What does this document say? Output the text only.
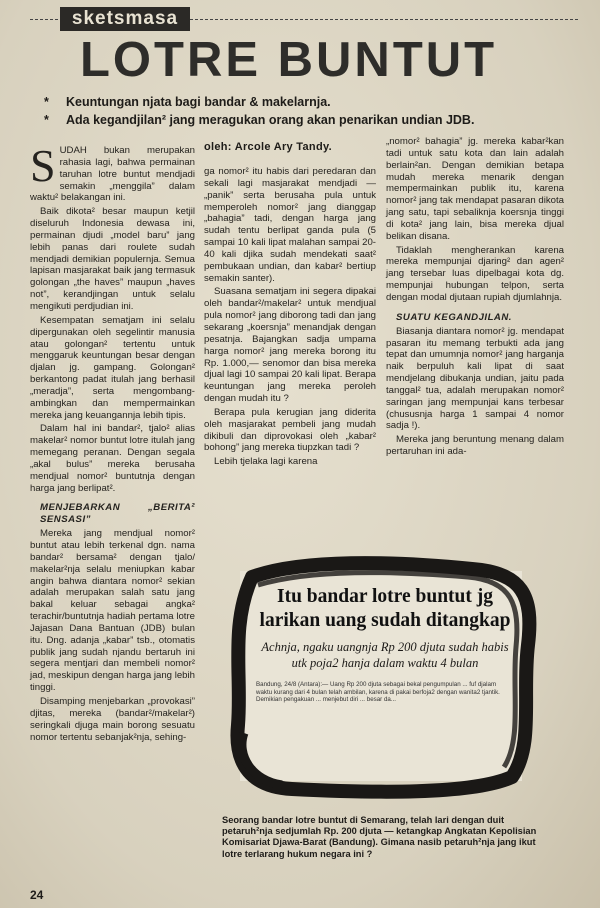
sketsmasa
LOTRE BUNTUT
* Keuntungan njata bagi bandar & makelarnja.
* Ada kegandjilan² jang meragukan orang akan penarikan undian JDB.
oleh: Arcole Ary Tandy.

SUDAH bukan merupakan rahasia lagi, bahwa permainan taruhan lotre buntut mendjadi semakin „menggila” dalam waktu² belakangan ini.

Baik dikota² besar maupun ketjil diseluruh Indonesia dewasa ini, permainan djudi „model baru” jang lebih panas dari roulete sudah mendjadi demikian populernja. Semua lapisan masjarakat baik jang termasuk golongan „the haves” maupun „haves not”, kerandjingan untuk selalu mengikuti perdjudian ini.

Kesempatan sematjam ini selalu dipergunakan oleh segelintir manusia atau golongan² tertentu untuk menggaruk keuntungan besar dengan djalan jg. gampang. Golongan² berkantong padat itulah jang berhasil „meradja”, serta mengombang-ambingkan dan mempermainkan mereka jang keuangannja lebih tipis.

Dalam hal ini bandar², tjalo² alias makelar² nomor buntut lotre itulah jang memegang peranan. Dengan segala „akal bulus” mereka berusaha mendjual nomor² buntutnja dengan harga jang berlipat².

MENJEBARKAN „BERITA² SENSASI”

Mereka jang mendjual nomor² buntut atau lebih terkenal dgn. nama bandar² bersama² dengan tjalo/ makelar²nja selalu meniupkan kabar angin bahwa diantara nomor² sekian adalah merupakan salah satu jang bakal keluar sebagai angka² terachir/buntutnja hadiah pertama lotre Jajasan Dana Bantuan (JDB) bulan itu. Dng. adanja „kabar” tsb., otomatis publik jang sudah njandu bertaruh ini segera mentjari dan membeli nomor² jad, meskipun dengan harga jang lebih tinggi.

Disamping menjebarkan „provokasi” djitas, mereka (bandar²/makelar²) seringkali djuga main borong sesuatu nomor tertentu sebanjak²nja, sehing-

ga nomor² itu habis dari peredaran dan sekali lagi masjarakat mendjadi — „panik” serta berusaha pula untuk memperoleh nomor² jang dianggap „bahagia” tadi, dengan harga jang sudah tentu berlipat ganda pula (5 sampai 10 kali lipat malahan sampai 20-40 kali djika sudah mendekati saat² pembukaan undian, dan kabar² bertiup semakin santer).

Suasana sematjam ini segera dipakai oleh bandar²/makelar² untuk mendjual pula nomor² jang diborong tadi dan jang sekarang „koersnja” menandjak dengan pesatnja. Bajangkan sadja umpama harga nomor² jang mereka borong itu Rp. 1.000,— senomor dan bisa mereka djual lagi 10 sampai 20 kali lipat. Berapa keuntungan jang mereka peroleh dengan mudah itu ?

Berapa pula kerugian jang diderita oleh masjarakat pembeli jang mudah dikibuli dan diprovokasi oleh „kabar² bohong” jang mereka tiupzkan tadi ?

Lebih tjelaka lagi karena

„nomor² bahagia” jg. mereka kabar²kan tadi untuk satu kota dan lain adalah berlain²an. Dengan demikian betapa mudah mereka menarik dengan mempermainkan publik itu, karena nomor² jang tak mendapat pasaran dikota jang satu, tapi sebaliknja koersnja tinggi di kota² jang lain, bisa mereka djual belikan disana.

Tidaklah mengherankan karena mereka mempunjai djaring² dan agen² jang tersebar luas dipelbagai kota dg. mempunjai hubungan telpon, serta dengan modal djutaan rupiah djumlahnja.

SUATU KEGANDJILAN.

Biasanja diantara nomor² jg. mendapat pasaran itu memang terbukti ada jang tepat dan umumnja nomor² jang harganja naik berpuluh kali lipat di saat mendjelang dibukanja undian, jaitu pada tanggal² tua, adalah merupakan nomor² saringan jang mempunjai kans terbesar (chususnja harga 1 sampai 4 nomor sadja !).

Mereka jang beruntung menang dalam pertaruhan ini ada-

Itu bandar lotre buntut jg larikan uang sudah ditangkap

Achnja, ngaku uangnja Rp 200 djuta sudah habis utk poja2 hanja dalam waktu 4 bulan
Bandung, 24/8 (Antara):— Uang Rp 200 djuta sebagai bekal pengumpulan ... fuf djalam waktu kurang dari 4 bulan telah ambilan, karena di pakai berfoja2 dengan wanita2 tjantik. Demikian pengakuan ... menjebut diri ... besar da...

Seorang bandar lotre buntut di Semarang, telah lari dengan duit petaruh²nja sedjumlah Rp. 200 djuta — ketangkap Angkatan Kepolisian Komisariat Djawa-Barat (Bandung). Gimana nasib petaruh²nja jang ikut lotre terlarang hukum negara ini ?

24
